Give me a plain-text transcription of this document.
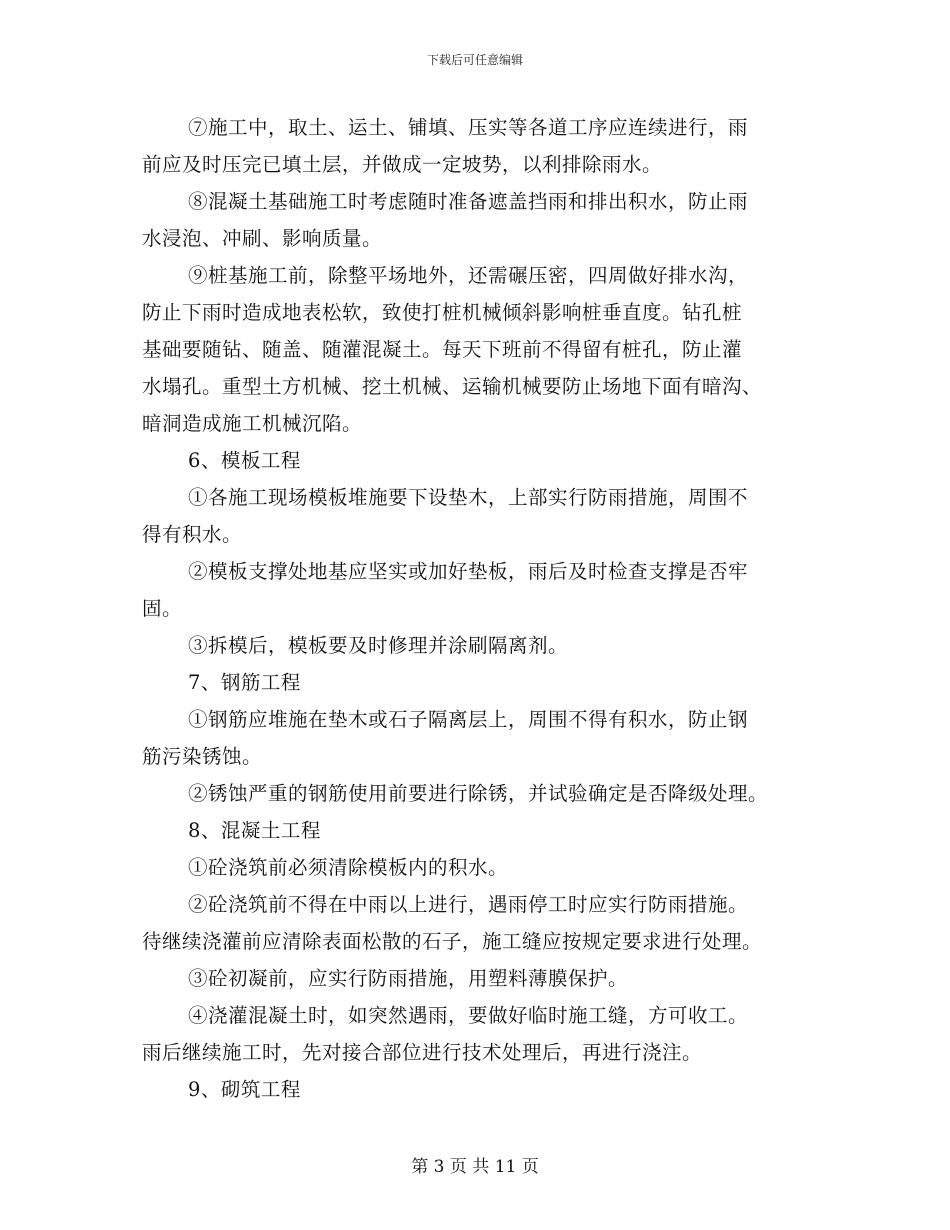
下载后可任意编辑
⑦施工中，取土、运土、铺填、压实等各道工序应连续进行，雨
前应及时压完已填土层，并做成一定坡势，以利排除雨水。
⑧混凝土基础施工时考虑随时准备遮盖挡雨和排出积水，防止雨
水浸泡、冲刷、影响质量。
⑨桩基施工前，除整平场地外，还需碾压密，四周做好排水沟，
防止下雨时造成地表松软，致使打桩机械倾斜影响桩垂直度。钻孔桩
基础要随钻、随盖、随灌混凝土。每天下班前不得留有桩孔，防止灌
水塌孔。重型土方机械、挖土机械、运输机械要防止场地下面有暗沟、
暗洞造成施工机械沉陷。
6、模板工程
①各施工现场模板堆施要下设垫木，上部实行防雨措施，周围不
得有积水。
②模板支撑处地基应坚实或加好垫板，雨后及时检查支撑是否牢
固。
③拆模后，模板要及时修理并涂刷隔离剂。
7、钢筋工程
①钢筋应堆施在垫木或石子隔离层上，周围不得有积水，防止钢
筋污染锈蚀。
②锈蚀严重的钢筋使用前要进行除锈，并试验确定是否降级处理。
8、混凝土工程
①砼浇筑前必须清除模板内的积水。
②砼浇筑前不得在中雨以上进行，遇雨停工时应实行防雨措施。
待继续浇灌前应清除表面松散的石子，施工缝应按规定要求进行处理。
③砼初凝前，应实行防雨措施，用塑料薄膜保护。
④浇灌混凝土时，如突然遇雨，要做好临时施工缝，方可收工。
雨后继续施工时，先对接合部位进行技术处理后，再进行浇注。
9、砌筑工程
第 3 页 共 11 页
